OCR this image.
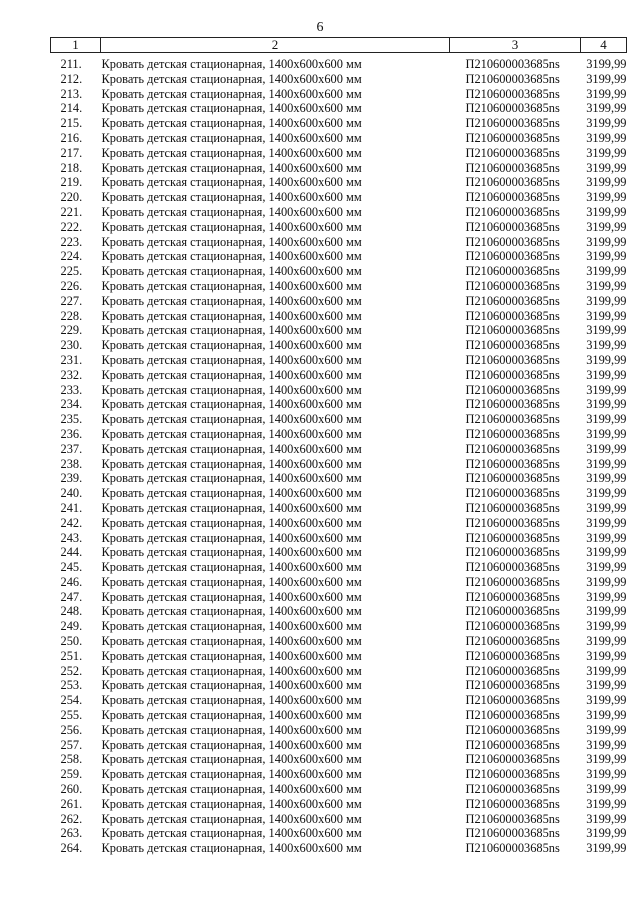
6
1	2	3	4
211.	Кровать детская стационарная, 1400х600х600 мм	П210600003685ns	3199,99
212.	Кровать детская стационарная, 1400х600х600 мм	П210600003685ns	3199,99
213.	Кровать детская стационарная, 1400х600х600 мм	П210600003685ns	3199,99
214.	Кровать детская стационарная, 1400х600х600 мм	П210600003685ns	3199,99
215.	Кровать детская стационарная, 1400х600х600 мм	П210600003685ns	3199,99
216.	Кровать детская стационарная, 1400х600х600 мм	П210600003685ns	3199,99
217.	Кровать детская стационарная, 1400х600х600 мм	П210600003685ns	3199,99
218.	Кровать детская стационарная, 1400х600х600 мм	П210600003685ns	3199,99
219.	Кровать детская стационарная, 1400х600х600 мм	П210600003685ns	3199,99
220.	Кровать детская стационарная, 1400х600х600 мм	П210600003685ns	3199,99
221.	Кровать детская стационарная, 1400х600х600 мм	П210600003685ns	3199,99
222.	Кровать детская стационарная, 1400х600х600 мм	П210600003685ns	3199,99
223.	Кровать детская стационарная, 1400х600х600 мм	П210600003685ns	3199,99
224.	Кровать детская стационарная, 1400х600х600 мм	П210600003685ns	3199,99
225.	Кровать детская стационарная, 1400х600х600 мм	П210600003685ns	3199,99
226.	Кровать детская стационарная, 1400х600х600 мм	П210600003685ns	3199,99
227.	Кровать детская стационарная, 1400х600х600 мм	П210600003685ns	3199,99
228.	Кровать детская стационарная, 1400х600х600 мм	П210600003685ns	3199,99
229.	Кровать детская стационарная, 1400х600х600 мм	П210600003685ns	3199,99
230.	Кровать детская стационарная, 1400х600х600 мм	П210600003685ns	3199,99
231.	Кровать детская стационарная, 1400х600х600 мм	П210600003685ns	3199,99
232.	Кровать детская стационарная, 1400х600х600 мм	П210600003685ns	3199,99
233.	Кровать детская стационарная, 1400х600х600 мм	П210600003685ns	3199,99
234.	Кровать детская стационарная, 1400х600х600 мм	П210600003685ns	3199,99
235.	Кровать детская стационарная, 1400х600х600 мм	П210600003685ns	3199,99
236.	Кровать детская стационарная, 1400х600х600 мм	П210600003685ns	3199,99
237.	Кровать детская стационарная, 1400х600х600 мм	П210600003685ns	3199,99
238.	Кровать детская стационарная, 1400х600х600 мм	П210600003685ns	3199,99
239.	Кровать детская стационарная, 1400х600х600 мм	П210600003685ns	3199,99
240.	Кровать детская стационарная, 1400х600х600 мм	П210600003685ns	3199,99
241.	Кровать детская стационарная, 1400х600х600 мм	П210600003685ns	3199,99
242.	Кровать детская стационарная, 1400х600х600 мм	П210600003685ns	3199,99
243.	Кровать детская стационарная, 1400х600х600 мм	П210600003685ns	3199,99
244.	Кровать детская стационарная, 1400х600х600 мм	П210600003685ns	3199,99
245.	Кровать детская стационарная, 1400х600х600 мм	П210600003685ns	3199,99
246.	Кровать детская стационарная, 1400х600х600 мм	П210600003685ns	3199,99
247.	Кровать детская стационарная, 1400х600х600 мм	П210600003685ns	3199,99
248.	Кровать детская стационарная, 1400х600х600 мм	П210600003685ns	3199,99
249.	Кровать детская стационарная, 1400х600х600 мм	П210600003685ns	3199,99
250.	Кровать детская стационарная, 1400х600х600 мм	П210600003685ns	3199,99
251.	Кровать детская стационарная, 1400х600х600 мм	П210600003685ns	3199,99
252.	Кровать детская стационарная, 1400х600х600 мм	П210600003685ns	3199,99
253.	Кровать детская стационарная, 1400х600х600 мм	П210600003685ns	3199,99
254.	Кровать детская стационарная, 1400х600х600 мм	П210600003685ns	3199,99
255.	Кровать детская стационарная, 1400х600х600 мм	П210600003685ns	3199,99
256.	Кровать детская стационарная, 1400х600х600 мм	П210600003685ns	3199,99
257.	Кровать детская стационарная, 1400х600х600 мм	П210600003685ns	3199,99
258.	Кровать детская стационарная, 1400х600х600 мм	П210600003685ns	3199,99
259.	Кровать детская стационарная, 1400х600х600 мм	П210600003685ns	3199,99
260.	Кровать детская стационарная, 1400х600х600 мм	П210600003685ns	3199,99
261.	Кровать детская стационарная, 1400х600х600 мм	П210600003685ns	3199,99
262.	Кровать детская стационарная, 1400х600х600 мм	П210600003685ns	3199,99
263.	Кровать детская стационарная, 1400х600х600 мм	П210600003685ns	3199,99
264.	Кровать детская стационарная, 1400х600х600 мм	П210600003685ns	3199,99
